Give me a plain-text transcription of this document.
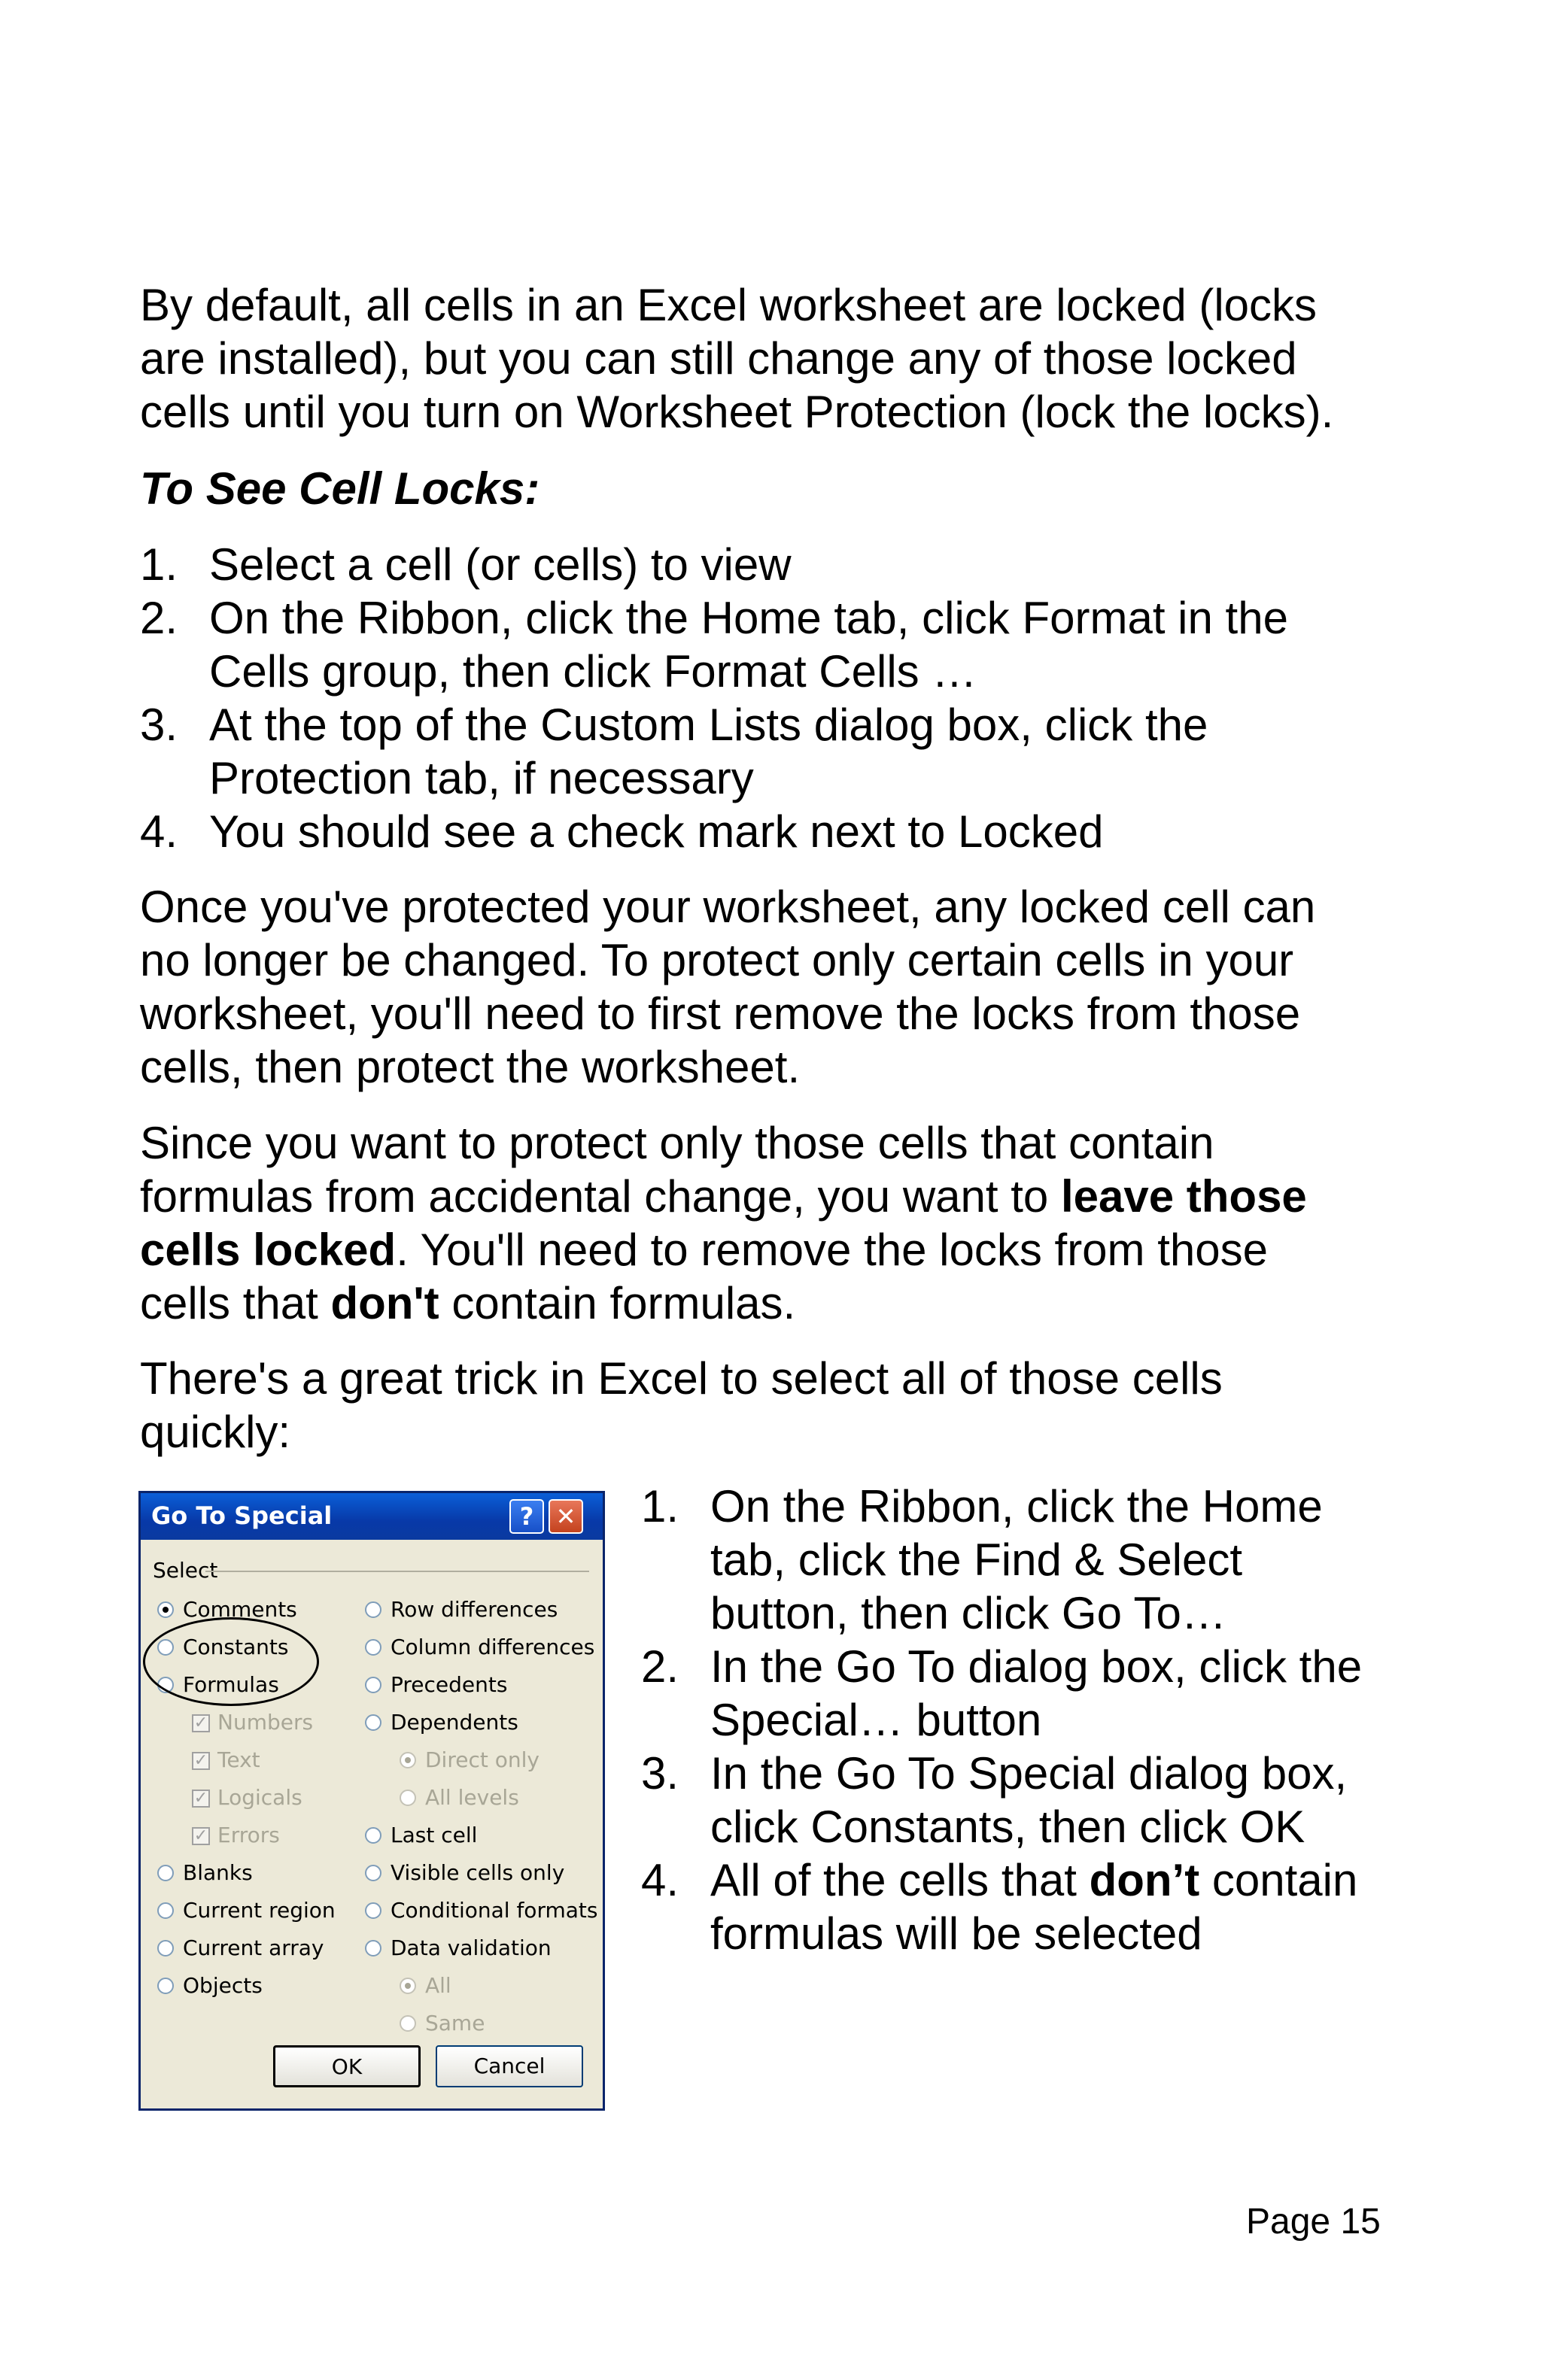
By default, all cells in an Excel worksheet are locked (locks
are installed), but you can still change any of those locked
cells until you turn on Worksheet Protection (lock the locks).

To See Cell Locks:

1. Select a cell (or cells) to view
2. On the Ribbon, click the Home tab, click Format in the
Cells group, then click Format Cells …
3. At the top of the Custom Lists dialog box, click the
Protection tab, if necessary
4. You should see a check mark next to Locked

Once you've protected your worksheet, any locked cell can
no longer be changed. To protect only certain cells in your
worksheet, you'll need to first remove the locks from those
cells, then protect the worksheet.

Since you want to protect only those cells that contain
formulas from accidental change, you want to leave those
cells locked. You'll need to remove the locks from those
cells that don't contain formulas.

There's a great trick in Excel to select all of those cells
quickly:

Go To Special	? ✕
Select
Comments
Constants
Formulas
✓ Numbers
✓ Text
✓ Logicals
✓ Errors
Blanks
Current region
Current array
Objects
Row differences
Column differences
Precedents
Dependents
Direct only
All levels
Last cell
Visible cells only
Conditional formats
Data validation
All
Same
OK	Cancel
1. On the Ribbon, click the Home
tab, click the Find & Select
button, then click Go To…
2. In the Go To dialog box, click the
Special… button
3. In the Go To Special dialog box,
click Constants, then click OK
4. All of the cells that don’t contain
formulas will be selected
Page 15
